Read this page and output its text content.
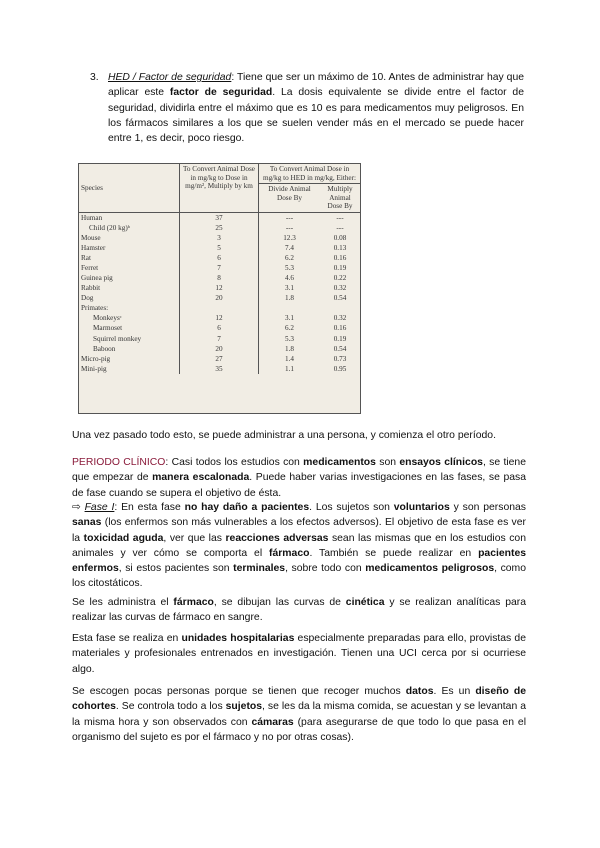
3. HED / Factor de seguridad: Tiene que ser un máximo de 10. Antes de administrar hay que aplicar este factor de seguridad. La dosis equivalente se divide entre el factor de seguridad, dividirla entre el máximo que es 10 es para medicamentos muy peligrosos. En los fármacos similares a los que se suelen vender más en el mercado se puede hacer entre 1, es decir, poco riesgo.

Species	To Convert Animal Dose in mg/kg to Dose in mg/m², Multiply by km	To Convert Animal Dose in mg/kg to HED in mg/kg, Either:	
		Divide Animal Dose By	Multiply Animal Dose By
Human	37	---	---
Child (20 kg)ᵇ	25	---	---
Mouse	3	12.3	0.08
Hamster	5	7.4	0.13
Rat	6	6.2	0.16
Ferret	7	5.3	0.19
Guinea pig	8	4.6	0.22
Rabbit	12	3.1	0.32
Dog	20	1.8	0.54
Primates:			
Monkeysᶜ	12	3.1	0.32
Marmoset	6	6.2	0.16
Squirrel monkey	7	5.3	0.19
Baboon	20	1.8	0.54
Micro-pig	27	1.4	0.73
Mini-pig	35	1.1	0.95

Una vez pasado todo esto, se puede administrar a una persona, y comienza el otro período.

PERIODO CLÍNICO: Casi todos los estudios con medicamentos son ensayos clínicos, se tiene que empezar de manera escalonada. Puede haber varias investigaciones en las fases, se pasa de fase cuando se supera el objetivo de ésta.

⇨ Fase I: En esta fase no hay daño a pacientes. Los sujetos son voluntarios y son personas sanas (los enfermos son más vulnerables a los efectos adversos). El objetivo de esta fase es ver la toxicidad aguda, ver que las reacciones adversas sean las mismas que en los estudios con animales y ver cómo se comporta el fármaco. También se puede realizar en pacientes enfermos, si estos pacientes son terminales, sobre todo con medicamentos peligrosos, como los citostáticos.

Se les administra el fármaco, se dibujan las curvas de cinética y se realizan analíticas para realizar las curvas de fármaco en sangre.

Esta fase se realiza en unidades hospitalarias especialmente preparadas para ello, provistas de materiales y profesionales entrenados en investigación. Tienen una UCI cerca por si ocurriese algo.

Se escogen pocas personas porque se tienen que recoger muchos datos. Es un diseño de cohortes. Se controla todo a los sujetos, se les da la misma comida, se acuestan y se levantan a la misma hora y son observados con cámaras (para asegurarse de que todo lo que pasa en el organismo del sujeto es por el fármaco y no por otras cosas).
